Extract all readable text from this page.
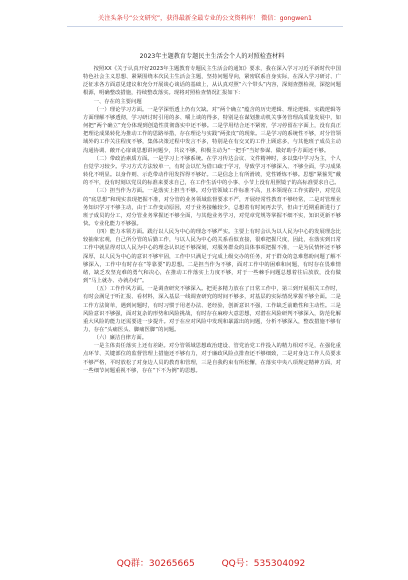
关注头条号“公文研究”，获得最新全最专业的公文资料库！ 微信：gongwen1
2023年主题教育专题民主生活会个人的对照检查材料

按照XX《关于认真开好2023年主题教育专题民主生活会的通知》要求，我在深入学习习近平新时代中国特色社会主义思想、紧紧围绕本次民主生活会主题，坚持问题导向，紧密联系自身实际，在深入学习研讨、广泛征求各方面意见建议和充分开展谈心谈话的基础上，从认真对照“六个带头”内容，深刻查摆检视，深挖问题根源，明确整改措施，持续整改落实。现将对照检查情况汇报如下：

一、存在的主要问题

（一）理论学习方面。一是学深悟透上仍有欠缺。对“两个确立”蕴含的历史逻辑、理论逻辑、实践逻辑等方面理解不够透彻，学习研讨时引用的多、嚼上谈的得多，特别是在谋划推动机关事务管理高质量发展中，如何把“两个确立”充分体现到创造性贯彻落实中还不够。二是学用结合还不紧密，学习停留在字面上，没有真正把理论成果转化为推动工作的思路举措，存在理论与实践“两张皮”的现象。三是学习的系统性不够，对分管领域外的工作关注程度不够，集体决策过程中发言不多，特别是在有交叉的工作上顾虑多，与其他班子成员主动沟通协调、敞开心扉谈思想讲问题少，共议不够，积极主动为“一把手”当好参谋、做好助手方面还不够。

（二）带政治素质方面。一是学习上不够系统。在学习传达会议、文件精神时，多以集中学习为主，个人自觉学习较少。学习方式方法较单一，有时会以忙为借口疏于学习，导致学习不够深入、不够全面，学习成果转化不明显。以身作则、示范带动作用发挥得不够好。二是信念上有所滑坡，党性锤炼不够。思想“紧箍咒”戴的不牢，没有时刻以党员的标准来要求自己，在工作生活中的小事、小节上没有用照镜子的高标准要求自己。

（三）担当作为方面。一是落实上担当不够。对分管领域工作标准不高，且本领现在工作实践中，对党员的“底思想”和现实表现把握不准，对分管的业务领域监督要求不严，开展经常性教育不够经常，二是对管理业务知识学习不够主动，由于工作变动原因，对于业务接触较少，总想着有时间再去学，但由于近期重新进行了班子成员的分工，对分管业务掌握还不够全面，与其他业务学习，对党章党规等掌握不细不实，知识更新不够快。专业化能力不够强。

（四）能力本领方面。践行以人民为中心的理念不够严实。主要上有时会认为以人民为中心的发展理念比较抽象宏观，自己所分管的后勤工作，与以人民为中心的关系看似直接，很难把握尺度，因此，在落实到日常工作中就显得对以人民为中心的理念认识还不够深刻，对服务群众的具体事项把握不准，一是为民情怀还不够深厚，以人民为中心的意识不够牢固，工作中只满足于完成上级交办的任务，对于群众的急难愁盼问题了解不够深入，工作中有时存在“等靠要”的思想。二是担当作为不够，面对工作中的困难和问题，有时存在畏难情绪，缺乏攻坚克难的勇气和决心，在推动工作落实上力度不够，对于一些棘手问题总想着往后放放，没有做到“马上就办、办就办好”。

（五）工作作风方面。一是调查研究不够深入。把更多精力放在了日常工作中，第三到开展相关工作时，有时会满足于听汇报、看材料，深入基层一线调查研究的时间不够多，对基层的实际情况掌握不够全面。二是工作方法简单，遇到问题时，有时习惯于用老办法、老经验，创新意识不强，工作缺乏前瞻性和主动性。三是风险意识不够强，面对复杂的形势和风险挑战，有时存在麻痹大意思想，对潜在风险研判不够深入，防范化解重大风险的能力还需要进一步提升。对于在应对风险中发现和暴露出的问题，分析不够深入，整改措施不够有力，存在“头痛医头、脚痛医脚”的问题。

（六）廉洁自律方面。

一是主体责任落实上还有差距。对分管领域思想政治建设、管党治党工作投入的精力相对不足，在强化重点环节、关键部位的监督管理上措施还不够有力，对于廉政风险点排查还不够细致，二是对身边工作人员要求不够严格，平时放松了对身边人员的教育和管理，三是自我约束有所松懈，在落实中央八项规定精神方面，对一些细节问题重视不够，存在“下不为例”的思想。

QQ群：30265665	QQ号：535304092
